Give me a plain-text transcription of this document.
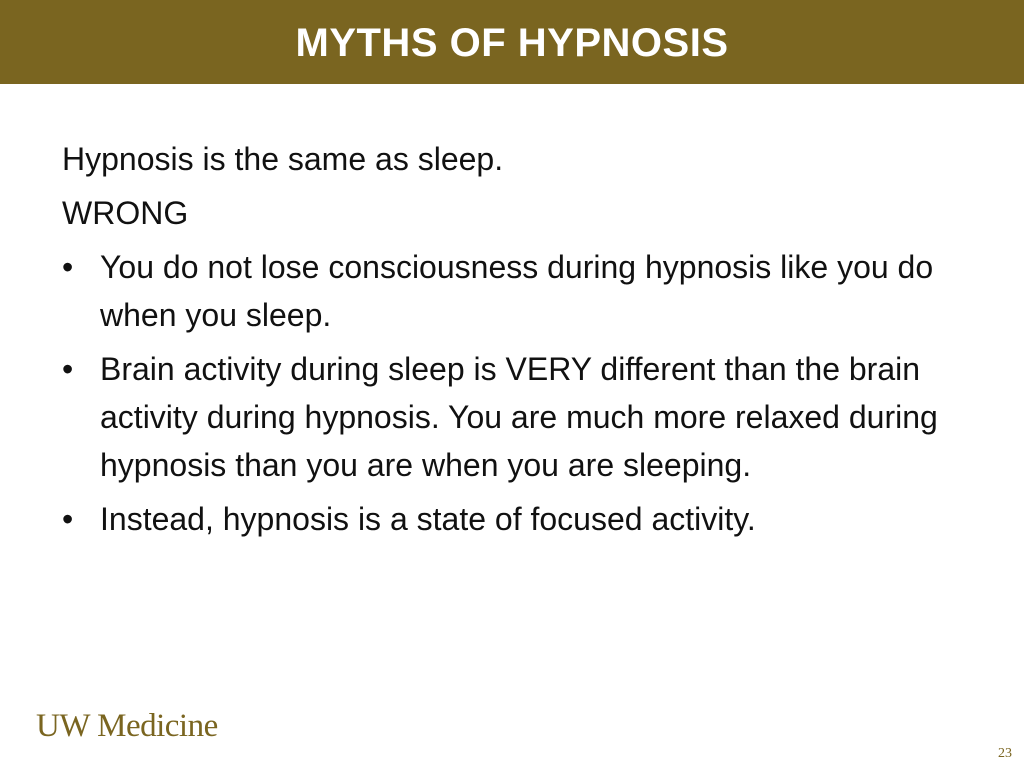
MYTHS OF HYPNOSIS

Hypnosis is the same as sleep.

WRONG

• You do not lose consciousness during hypnosis like you do when you sleep.
• Brain activity during sleep is VERY different than the brain activity during hypnosis. You are much more relaxed during hypnosis than you are when you are sleeping.
• Instead, hypnosis is a state of focused activity.
UW Medicine
23
